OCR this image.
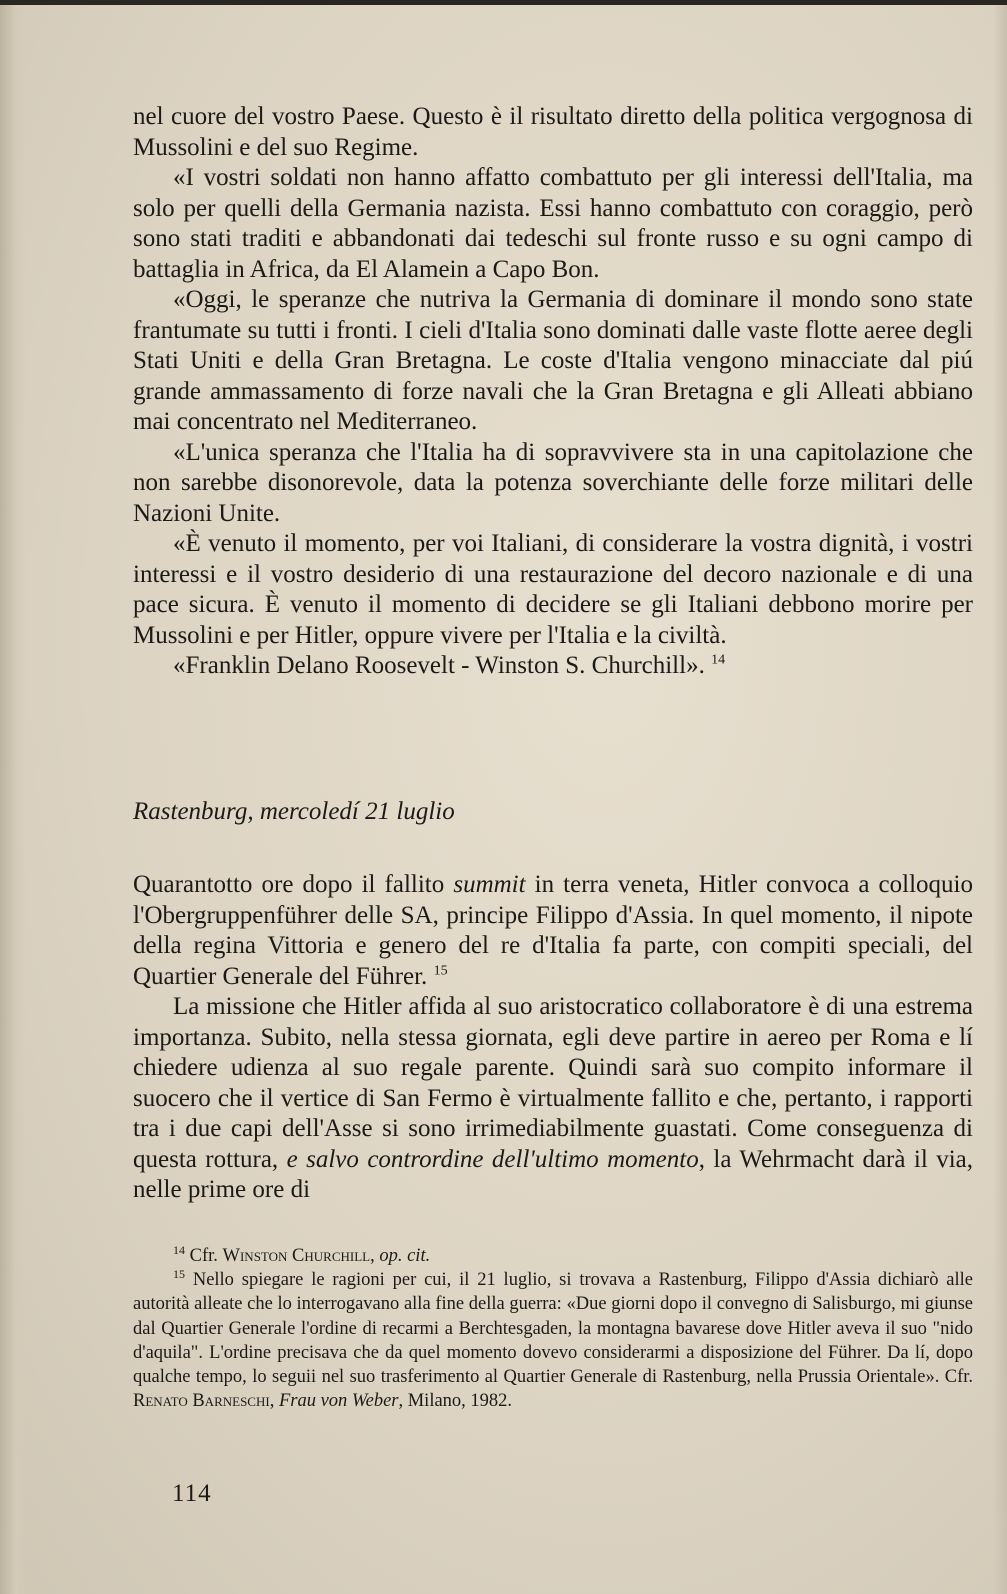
nel cuore del vostro Paese. Questo è il risultato diretto della politica vergognosa di Mussolini e del suo Regime.

«I vostri soldati non hanno affatto combattuto per gli interessi dell'Italia, ma solo per quelli della Germania nazista. Essi hanno combattuto con coraggio, però sono stati traditi e abbandonati dai tedeschi sul fronte russo e su ogni campo di battaglia in Africa, da El Alamein a Capo Bon.

«Oggi, le speranze che nutriva la Germania di dominare il mondo sono state frantumate su tutti i fronti. I cieli d'Italia sono dominati dalle vaste flotte aeree degli Stati Uniti e della Gran Bretagna. Le coste d'Italia vengono minacciate dal piú grande ammassamento di forze navali che la Gran Bretagna e gli Alleati abbiano mai concentrato nel Mediterraneo.

«L'unica speranza che l'Italia ha di sopravvivere sta in una capitolazione che non sarebbe disonorevole, data la potenza soverchiante delle forze militari delle Nazioni Unite.

«È venuto il momento, per voi Italiani, di considerare la vostra dignità, i vostri interessi e il vostro desiderio di una restaurazione del decoro nazionale e di una pace sicura. È venuto il momento di decidere se gli Italiani debbono morire per Mussolini e per Hitler, oppure vivere per l'Italia e la civiltà.

«Franklin Delano Roosevelt - Winston S. Churchill». $^{14}$

Rastenburg, mercoledí 21 luglio

Quarantotto ore dopo il fallito summit in terra veneta, Hitler convoca a colloquio l'Obergruppenführer delle SA, principe Filippo d'Assia. In quel momento, il nipote della regina Vittoria e genero del re d'Italia fa parte, con compiti speciali, del Quartier Generale del Führer. $^{15}$

La missione che Hitler affida al suo aristocratico collaboratore è di una estrema importanza. Subito, nella stessa giornata, egli deve partire in aereo per Roma e lí chiedere udienza al suo regale parente. Quindi sarà suo compito informare il suocero che il vertice di San Fermo è virtualmente fallito e che, pertanto, i rapporti tra i due capi dell'Asse si sono irrimediabilmente guastati. Come conseguenza di questa rottura, e salvo contrordine dell'ultimo momento, la Wehrmacht darà il via, nelle prime ore di

$^{14}$ Cfr. Winston Churchill, op. cit.

$^{15}$ Nello spiegare le ragioni per cui, il 21 luglio, si trovava a Rastenburg, Filippo d'Assia dichiarò alle autorità alleate che lo interrogavano alla fine della guerra: «Due giorni dopo il convegno di Salisburgo, mi giunse dal Quartier Generale l'ordine di recarmi a Berchtesgaden, la montagna bavarese dove Hitler aveva il suo "nido d'aquila". L'ordine precisava che da quel momento dovevo considerarmi a disposizione del Führer. Da lí, dopo qualche tempo, lo seguii nel suo trasferimento al Quartier Generale di Rastenburg, nella Prussia Orientale». Cfr. Renato Barneschi, Frau von Weber, Milano, 1982.

114
